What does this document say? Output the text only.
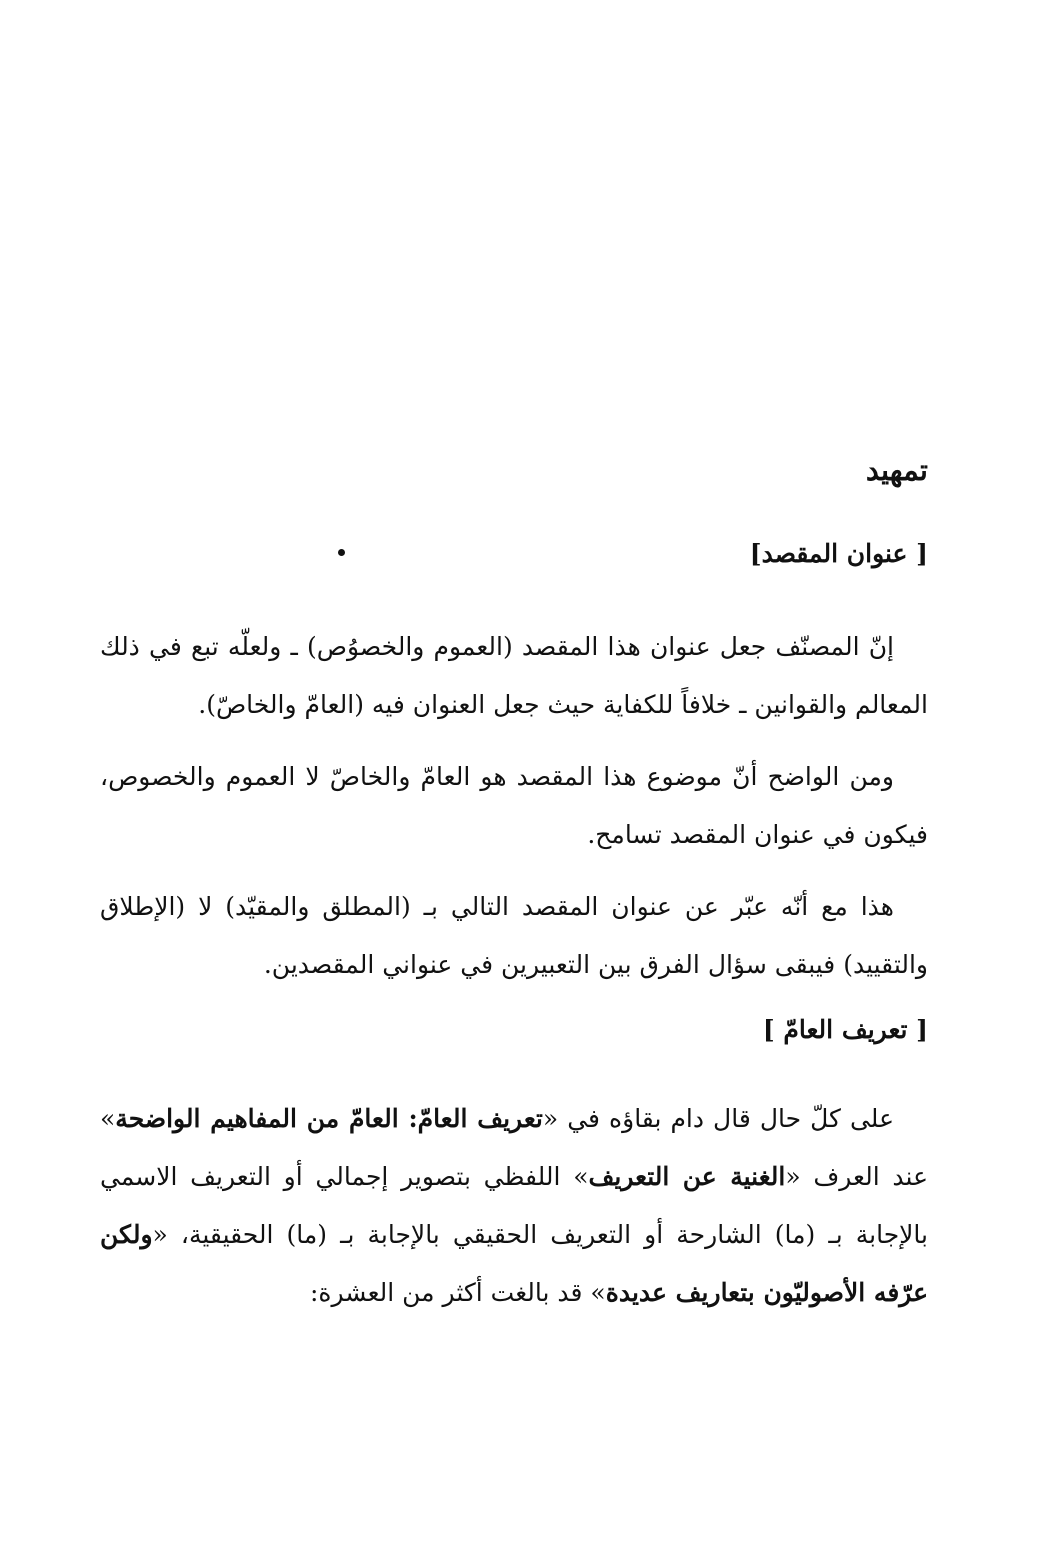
تمهيد
[ عنوان المقصد]

إنّ المصنّف جعل عنوان هذا المقصد (العموم والخصوُص) ـ ولعلّه تبع في ذلك المعالم والقوانين ـ خلافاً للكفاية حيث جعل العنوان فيه (العامّ والخاصّ).

ومن الواضح أنّ موضوع هذا المقصد هو العامّ والخاصّ لا العموم والخصوص، فيكون في عنوان المقصد تسامح.

هذا مع أنّه عبّر عن عنوان المقصد التالي بـ (المطلق والمقيّد) لا (الإطلاق والتقييد) فيبقى سؤال الفرق بين التعبيرين في عنواني المقصدين.

[ تعريف العامّ ]

على كلّ حال قال دام بقاؤه في «تعريف العامّ: العامّ من المفاهيم الواضحة» عند العرف «الغنية عن التعريف» اللفظي بتصوير إجمالي أو التعريف الاسمي بالإجابة بـ (ما) الشارحة أو التعريف الحقيقي بالإجابة بـ (ما) الحقيقية، «ولكن عرّفه الأصوليّون بتعاريف عديدة» قد بالغت أكثر من العشرة:
